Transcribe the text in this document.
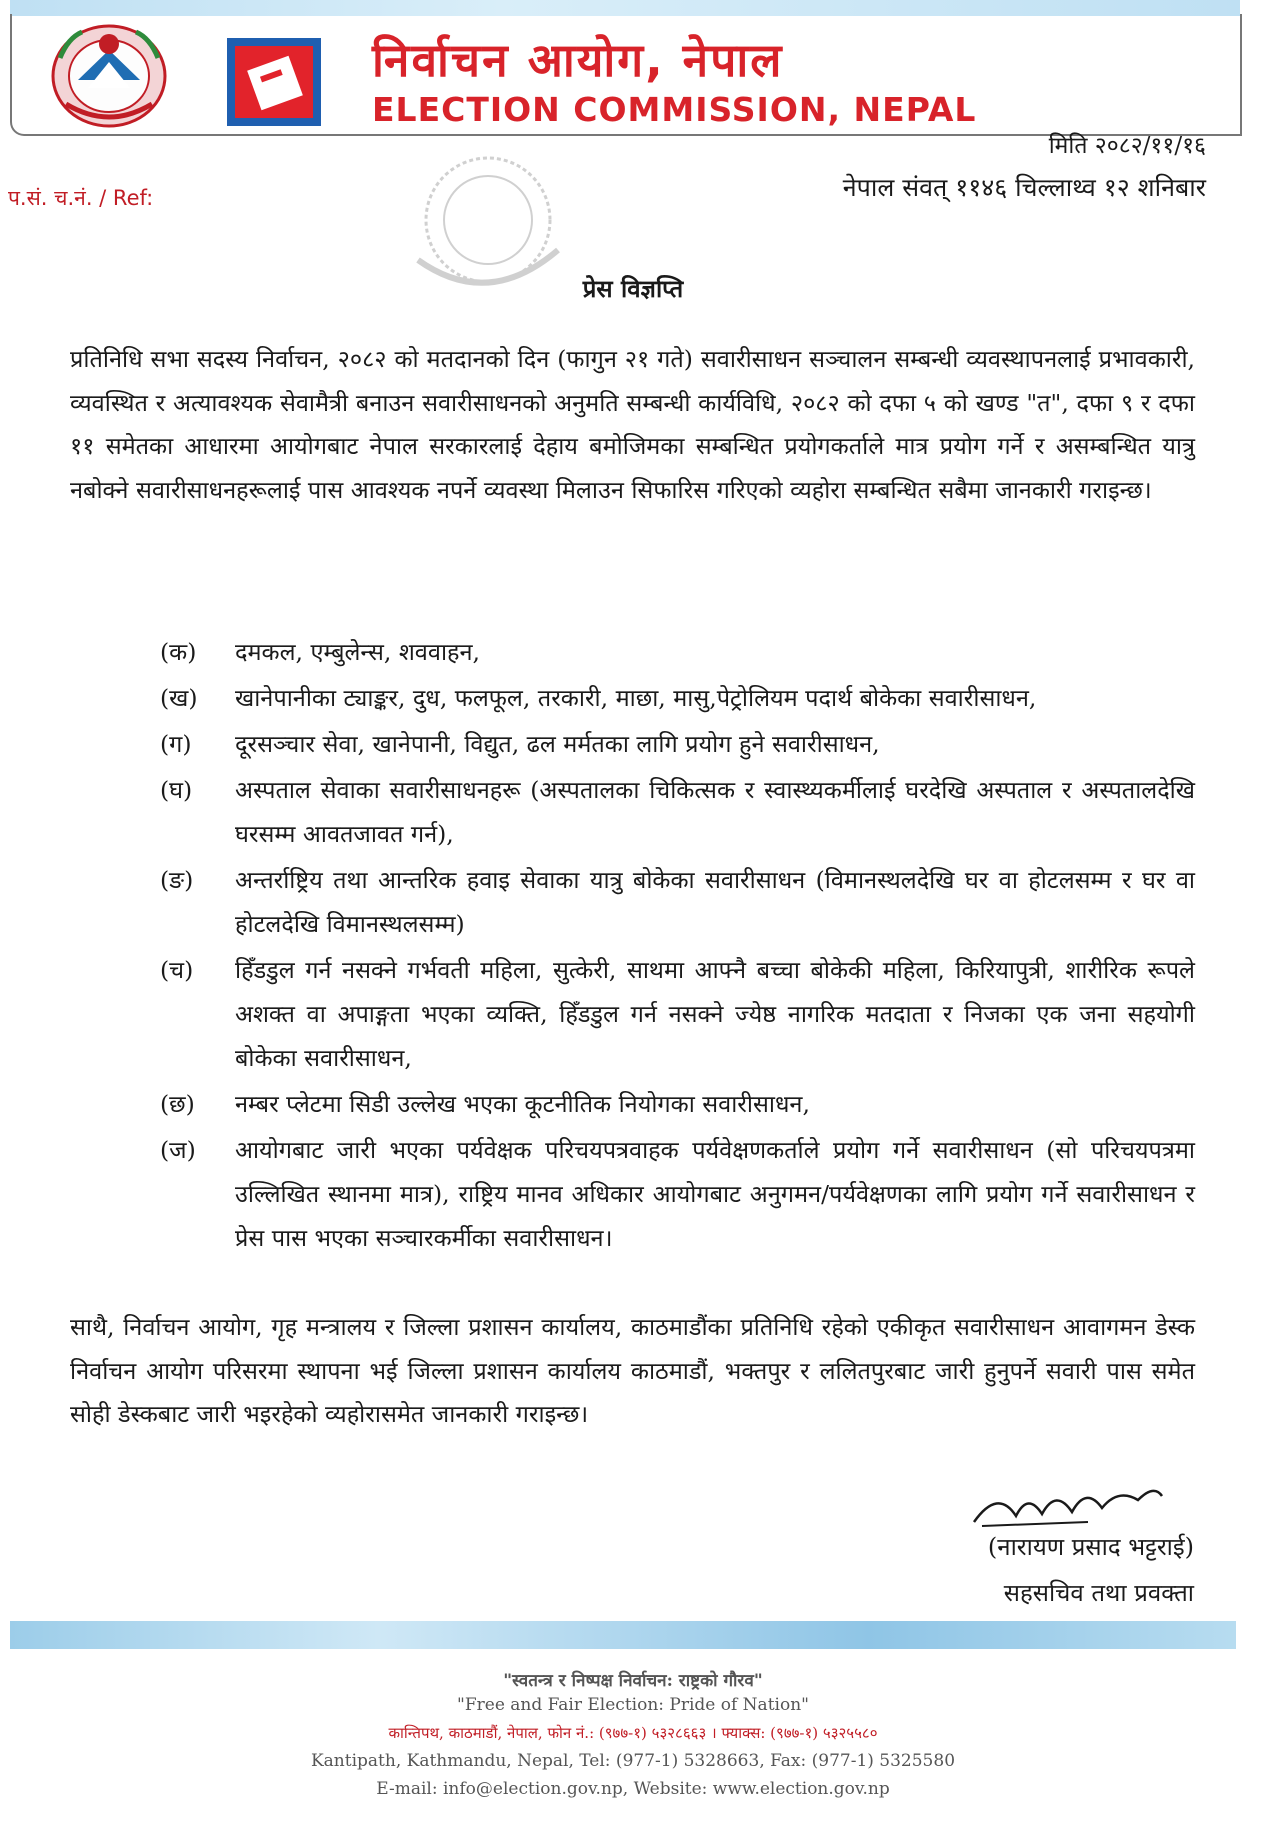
निर्वाचन आयोग, नेपाल
ELECTION COMMISSION, NEPAL
मिति २०८२/११/१६
नेपाल संवत् ११४६ चिल्लाथ्व १२ शनिबार
प.सं. च.नं. / Ref:
प्रेस विज्ञप्ति
प्रतिनिधि सभा सदस्य निर्वाचन, २०८२ को मतदानको दिन (फागुन २१ गते) सवारीसाधन सञ्चालन सम्बन्धी व्यवस्थापनलाई प्रभावकारी, व्यवस्थित र अत्यावश्यक सेवामैत्री बनाउन सवारीसाधनको अनुमति सम्बन्धी कार्यविधि, २०८२ को दफा ५ को खण्ड "त", दफा ९ र दफा ११ समेतका आधारमा आयोगबाट नेपाल सरकारलाई देहाय बमोजिमका सम्बन्धित प्रयोगकर्ताले मात्र प्रयोग गर्ने र असम्बन्धित यात्रु नबोक्ने सवारीसाधनहरूलाई पास आवश्यक नपर्ने व्यवस्था मिलाउन सिफारिस गरिएको व्यहोरा सम्बन्धित सबैमा जानकारी गराइन्छ।
(क) दमकल, एम्बुलेन्स, शववाहन,
(ख) खानेपानीका ट्याङ्कर, दुध, फलफूल, तरकारी, माछा, मासु,पेट्रोलियम पदार्थ बोकेका सवारीसाधन,
(ग) दूरसञ्चार सेवा, खानेपानी, विद्युत, ढल मर्मतका लागि प्रयोग हुने सवारीसाधन,
(घ) अस्पताल सेवाका सवारीसाधनहरू (अस्पतालका चिकित्सक र स्वास्थ्यकर्मीलाई घरदेखि अस्पताल र अस्पतालदेखि घरसम्म आवतजावत गर्न),
(ङ) अन्तर्राष्ट्रिय तथा आन्तरिक हवाइ सेवाका यात्रु बोकेका सवारीसाधन (विमानस्थलदेखि घर वा होटलसम्म र घर वा होटलदेखि विमानस्थलसम्म)
(च) हिँडडुल गर्न नसक्ने गर्भवती महिला, सुत्केरी, साथमा आफ्नै बच्चा बोकेकी महिला, किरियापुत्री, शारीरिक रूपले अशक्त वा अपाङ्गता भएका व्यक्ति, हिँडडुल गर्न नसक्ने ज्येष्ठ नागरिक मतदाता र निजका एक जना सहयोगी बोकेका सवारीसाधन,
(छ) नम्बर प्लेटमा सिडी उल्लेख भएका कूटनीतिक नियोगका सवारीसाधन,
(ज) आयोगबाट जारी भएका पर्यवेक्षक परिचयपत्रवाहक पर्यवेक्षणकर्ताले प्रयोग गर्ने सवारीसाधन (सो परिचयपत्रमा उल्लिखित स्थानमा मात्र), राष्ट्रिय मानव अधिकार आयोगबाट अनुगमन/पर्यवेक्षणका लागि प्रयोग गर्ने सवारीसाधन र प्रेस पास भएका सञ्चारकर्मीका सवारीसाधन।
साथै, निर्वाचन आयोग, गृह मन्त्रालय र जिल्ला प्रशासन कार्यालय, काठमाडौंका प्रतिनिधि रहेको एकीकृत सवारीसाधन आवागमन डेस्क निर्वाचन आयोग परिसरमा स्थापना भई जिल्ला प्रशासन कार्यालय काठमाडौं, भक्तपुर र ललितपुरबाट जारी हुनुपर्ने सवारी पास समेत सोही डेस्कबाट जारी भइरहेको व्यहोरासमेत जानकारी गराइन्छ।
(नारायण प्रसाद भट्टराई)
सहसचिव तथा प्रवक्ता
"स्वतन्त्र र निष्पक्ष निर्वाचन: राष्ट्रको गौरव"
"Free and Fair Election: Pride of Nation"
कान्तिपथ, काठमाडौं, नेपाल, फोन नं.: (९७७-१) ५३२८६६३ । फ्याक्स: (९७७-१) ५३२५५८०
Kantipath, Kathmandu, Nepal, Tel: (977-1) 5328663, Fax: (977-1) 5325580
E-mail: info@election.gov.np, Website: www.election.gov.np
